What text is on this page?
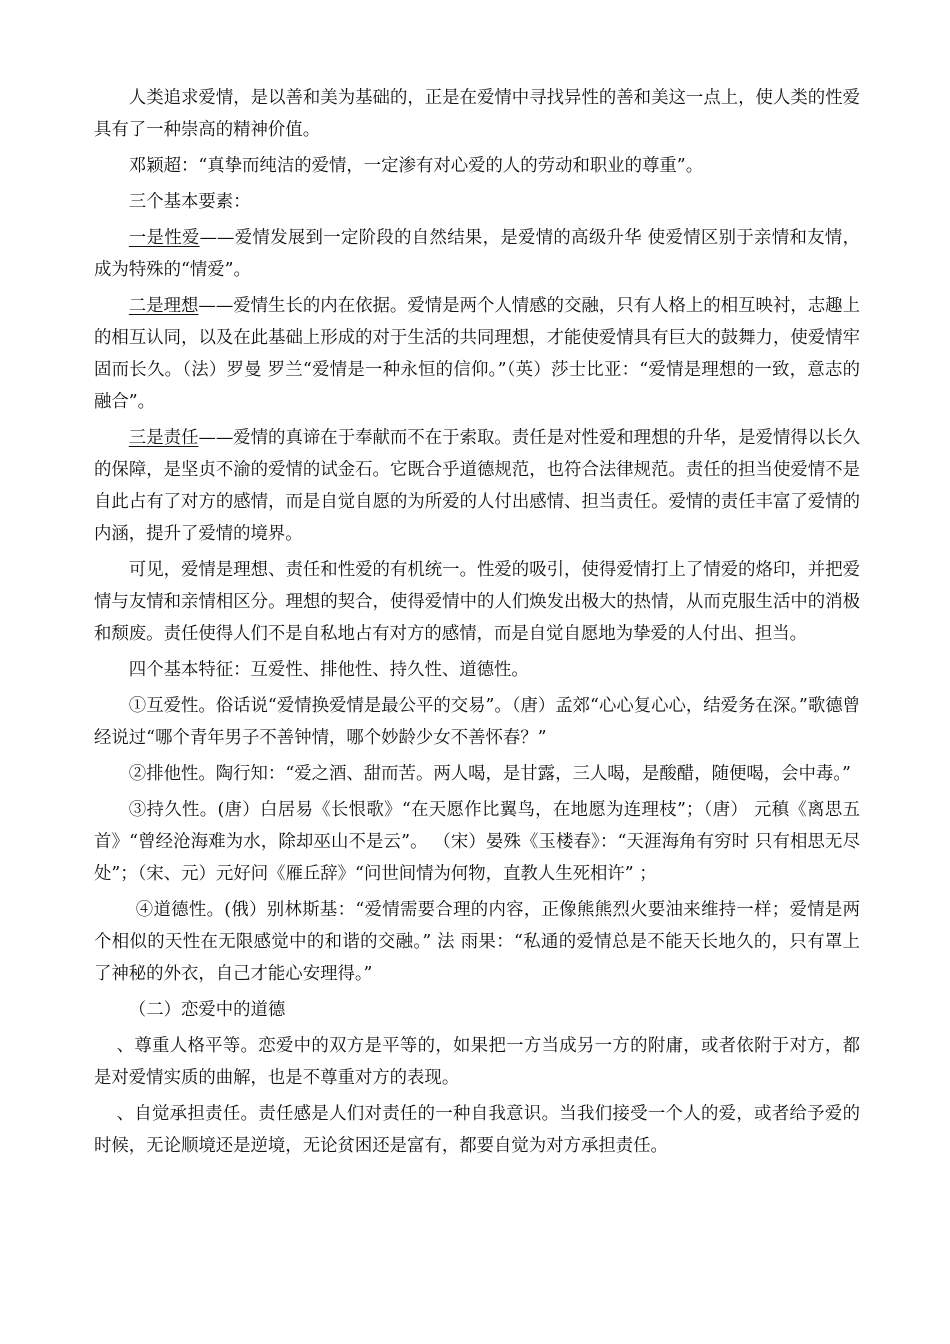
人类追求爱情，是以善和美为基础的，正是在爱情中寻找异性的善和美这一点上，使人类的性爱具有了一种崇高的精神价值。

邓颖超：“真挚而纯洁的爱情，一定渗有对心爱的人的劳动和职业的尊重”。

三个基本要素：

一是性爱——爱情发展到一定阶段的自然结果，是爱情的高级升华 使爱情区别于亲情和友情，成为特殊的“情爱”。

二是理想——爱情生长的内在依据。爱情是两个人情感的交融，只有人格上的相互映衬，志趣上的相互认同，以及在此基础上形成的对于生活的共同理想，才能使爱情具有巨大的鼓舞力，使爱情牢固而长久。（法）罗曼 罗兰“爱情是一种永恒的信仰。”（英）莎士比亚：“爱情是理想的一致，意志的融合”。

三是责任——爱情的真谛在于奉献而不在于索取。责任是对性爱和理想的升华，是爱情得以长久的保障，是坚贞不渝的爱情的试金石。它既合乎道德规范，也符合法律规范。责任的担当使爱情不是自此占有了对方的感情，而是自觉自愿的为所爱的人付出感情、担当责任。爱情的责任丰富了爱情的内涵，提升了爱情的境界。

可见，爱情是理想、责任和性爱的有机统一。性爱的吸引，使得爱情打上了情爱的烙印，并把爱情与友情和亲情相区分。理想的契合，使得爱情中的人们焕发出极大的热情，从而克服生活中的消极和颓废。责任使得人们不是自私地占有对方的感情，而是自觉自愿地为挚爱的人付出、担当。

四个基本特征：互爱性、排他性、持久性、道德性。

①互爱性。俗话说“爱情换爱情是最公平的交易”。（唐）孟郊“心心复心心，结爱务在深。”歌德曾经说过“哪个青年男子不善钟情，哪个妙龄少女不善怀春？”

②排他性。陶行知：“爱之酒、甜而苦。两人喝，是甘露，三人喝，是酸醋，随便喝，会中毒。”

③持久性。(唐）白居易《长恨歌》“在天愿作比翼鸟，在地愿为连理枝”；（唐） 元稹《离思五首》“曾经沧海难为水，除却巫山不是云”。 （宋）晏殊《玉楼春》：“天涯海角有穷时 只有相思无尽处”；（宋、元）元好问《雁丘辞》“问世间情为何物，直教人生死相许” ；

④道德性。(俄）别林斯基：“爱情需要合理的内容，正像熊熊烈火要油来维持一样；爱情是两个相似的天性在无限感觉中的和谐的交融。” 法 雨果：“私通的爱情总是不能天长地久的，只有罩上了神秘的外衣，自己才能心安理得。”

（二）恋爱中的道德

、尊重人格平等。恋爱中的双方是平等的，如果把一方当成另一方的附庸，或者依附于对方，都是对爱情实质的曲解，也是不尊重对方的表现。

、自觉承担责任。责任感是人们对责任的一种自我意识。当我们接受一个人的爱，或者给予爱的时候，无论顺境还是逆境，无论贫困还是富有，都要自觉为对方承担责任。
